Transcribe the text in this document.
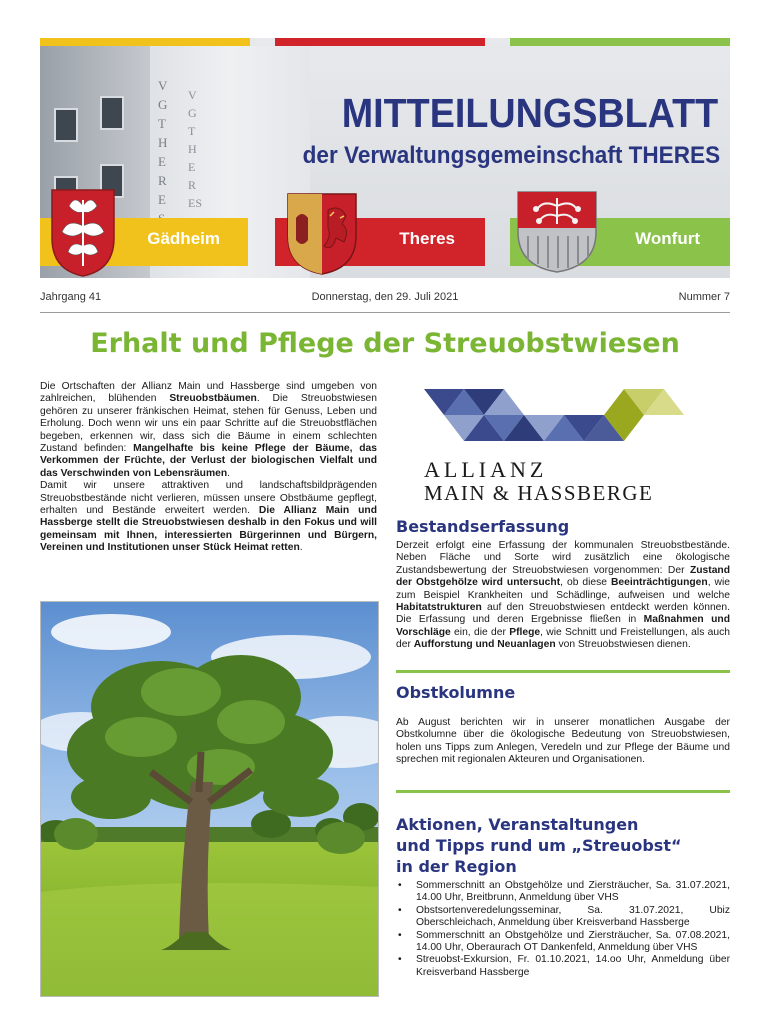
VGTHERE
VGTHERES
MITTEILUNGSBLATT
der Verwaltungsgemeinschaft THERES
Gädheim	Theres	Wonfurt
Jahrgang 41	Donnerstag, den 29. Juli 2021	Nummer 7
Erhalt und Pflege der Streuobstwiesen

Die Ortschaften der Allianz Main und Hassberge sind umgeben von zahlreichen, blühenden Streuobstbäumen. Die Streuobstwiesen gehören zu unserer fränkischen Heimat, stehen für Genuss, Leben und Erholung. Doch wenn wir uns ein paar Schritte auf die Streuobstflächen begeben, erkennen wir, dass sich die Bäume in einem schlechten Zustand befinden: Mangelhafte bis keine Pflege der Bäume, das Verkommen der Früchte, der Verlust der biologischen Vielfalt und das Verschwinden von Lebensräumen.

Damit wir unsere attraktiven und landschaftsbildprägenden Streuobstbestände nicht verlieren, müssen unsere Obstbäume gepflegt, erhalten und Bestände erweitert werden. Die Allianz Main und Hassberge stellt die Streuobstwiesen deshalb in den Fokus und will gemeinsam mit Ihnen, interessierten Bürgerinnen und Bürgern, Vereinen und Institutionen unser Stück Heimat retten.

ALLIANZ
MAIN & HASSBERGE
Bestandserfassung

Derzeit erfolgt eine Erfassung der kommunalen Streuobstbestände. Neben Fläche und Sorte wird zusätzlich eine ökologische Zustandsbewertung der Streuobstwiesen vorgenommen: Der Zustand der Obstgehölze wird untersucht, ob diese Beeinträchtigungen, wie zum Beispiel Krankheiten und Schädlinge, aufweisen und welche Habitatstrukturen auf den Streuobstwiesen entdeckt werden können. Die Erfassung und deren Ergebnisse fließen in Maßnahmen und Vorschläge ein, die der Pflege, wie Schnitt und Freistellungen, als auch der Aufforstung und Neuanlagen von Streuobstwiesen dienen.

Obstkolumne

Ab August berichten wir in unserer monatlichen Ausgabe der Obstkolumne über die ökologische Bedeutung von Streuobstwiesen, holen uns Tipps zum Anlegen, Veredeln und zur Pflege der Bäume und sprechen mit regionalen Akteuren und Organisationen.

Aktionen, Veranstaltungen
und Tipps rund um „Streuobst“
in der Region
• Sommerschnitt an Obstgehölze und Ziersträucher, Sa. 31.07.2021, 14.00 Uhr, Breitbrunn, Anmeldung über VHS
• Obstsortenveredelungsseminar, Sa. 31.07.2021, Ubiz Oberschleichach, Anmeldung über Kreisverband Hassberge
• Sommerschnitt an Obstgehölze und Ziersträucher, Sa. 07.08.2021, 14.00 Uhr, Oberaurach OT Dankenfeld, Anmeldung über VHS
• Streuobst-Exkursion, Fr. 01.10.2021, 14.oo Uhr, Anmeldung über Kreisverband Hassberge
